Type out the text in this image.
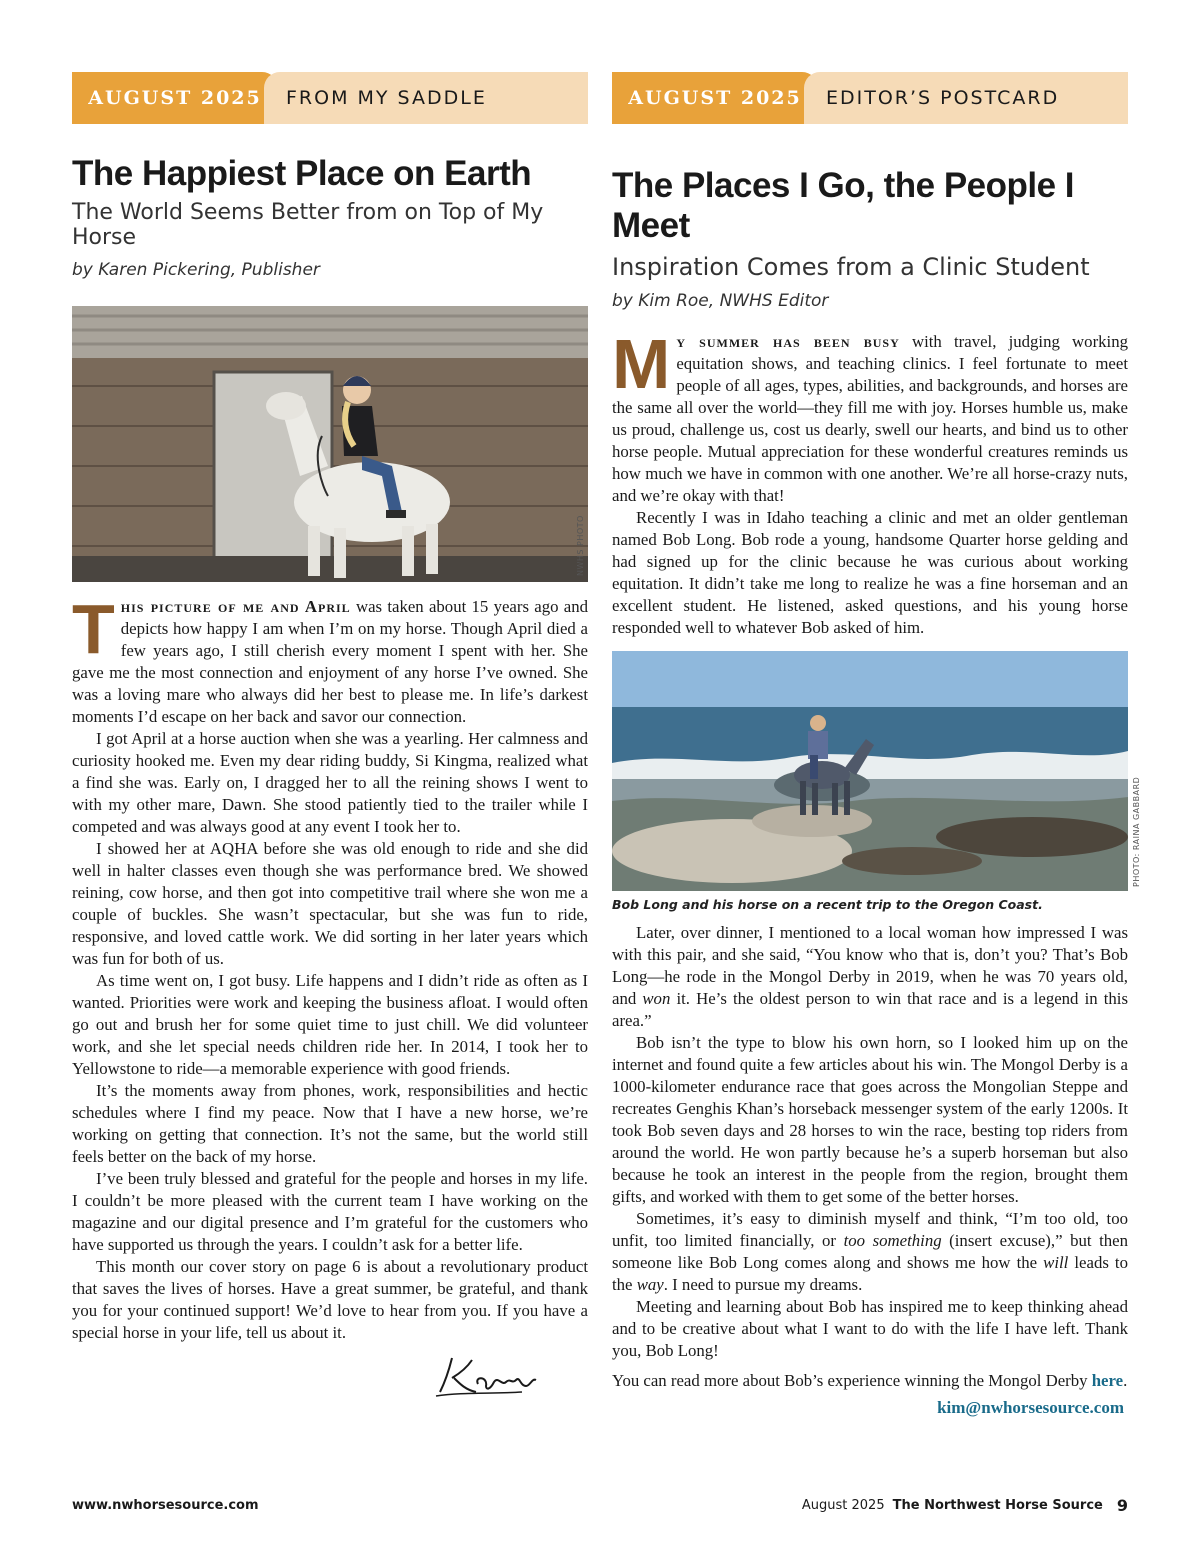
AUGUST 2025	FROM MY SADDLE
The Happiest Place on Earth
The World Seems Better from on Top of My Horse
by Karen Pickering, Publisher
NWHS PHOTO

This picture of me and April was taken about 15 years ago and depicts how happy I am when I’m on my horse. Though April died a few years ago, I still cherish every moment I spent with her. She gave me the most connection and enjoyment of any horse I’ve owned. She was a loving mare who always did her best to please me. In life’s darkest moments I’d escape on her back and savor our connection.

I got April at a horse auction when she was a yearling. Her calmness and curiosity hooked me. Even my dear riding buddy, Si Kingma, realized what a find she was. Early on, I dragged her to all the reining shows I went to with my other mare, Dawn. She stood patiently tied to the trailer while I competed and was always good at any event I took her to.

I showed her at AQHA before she was old enough to ride and she did well in halter classes even though she was performance bred. We showed reining, cow horse, and then got into competitive trail where she won me a couple of buckles. She wasn’t spectacular, but she was fun to ride, responsive, and loved cattle work. We did sorting in her later years which was fun for both of us.

As time went on, I got busy. Life happens and I didn’t ride as often as I wanted. Priorities were work and keeping the business afloat. I would often go out and brush her for some quiet time to just chill. We did volunteer work, and she let special needs children ride her. In 2014, I took her to Yellowstone to ride—a memorable experience with good friends.

It’s the moments away from phones, work, responsibilities and hectic schedules where I find my peace. Now that I have a new horse, we’re working on getting that connection. It’s not the same, but the world still feels better on the back of my horse.

I’ve been truly blessed and grateful for the people and horses in my life. I couldn’t be more pleased with the current team I have working on the magazine and our digital presence and I’m grateful for the customers who have supported us through the years. I couldn’t ask for a better life.

This month our cover story on page 6 is about a revolutionary product that saves the lives of horses. Have a great summer, be grateful, and thank you for your continued support! We’d love to hear from you. If you have a special horse in your life, tell us about it.

AUGUST 2025	EDITOR’S POSTCARD
The Places I Go, the People I Meet
Inspiration Comes from a Clinic Student
by Kim Roe, NWHS Editor

My summer has been busy with travel, judging working equitation shows, and teaching clinics. I feel fortunate to meet people of all ages, types, abilities, and backgrounds, and horses are the same all over the world—they fill me with joy. Horses humble us, make us proud, challenge us, cost us dearly, swell our hearts, and bind us to other horse people. Mutual appreciation for these wonderful creatures reminds us how much we have in common with one another. We’re all horse-crazy nuts, and we’re okay with that!

Recently I was in Idaho teaching a clinic and met an older gentleman named Bob Long. Bob rode a young, handsome Quarter horse gelding and had signed up for the clinic because he was curious about working equitation. It didn’t take me long to realize he was a fine horseman and an excellent student. He listened, asked questions, and his young horse responded well to whatever Bob asked of him.

PHOTO: RAINA GABBARD
Bob Long and his horse on a recent trip to the Oregon Coast.

Later, over dinner, I mentioned to a local woman how impressed I was with this pair, and she said, “You know who that is, don’t you? That’s Bob Long—he rode in the Mongol Derby in 2019, when he was 70 years old, and won it. He’s the oldest person to win that race and is a legend in this area.”

Bob isn’t the type to blow his own horn, so I looked him up on the internet and found quite a few articles about his win. The Mongol Derby is a 1000-kilometer endurance race that goes across the Mongolian Steppe and recreates Genghis Khan’s horseback messenger system of the early 1200s. It took Bob seven days and 28 horses to win the race, besting top riders from around the world. He won partly because he’s a superb horseman but also because he took an interest in the people from the region, brought them gifts, and worked with them to get some of the better horses.

Sometimes, it’s easy to diminish myself and think, “I’m too old, too unfit, too limited financially, or too something (insert excuse),” but then someone like Bob Long comes along and shows me how the will leads to the way. I need to pursue my dreams.

Meeting and learning about Bob has inspired me to keep thinking ahead and to be creative about what I want to do with the life I have left. Thank you, Bob Long!

You can read more about Bob’s experience winning the Mongol Derby here.

kim@nwhorsesource.com
www.nwhorsesource.com	August 2025 The Northwest Horse Source 9
